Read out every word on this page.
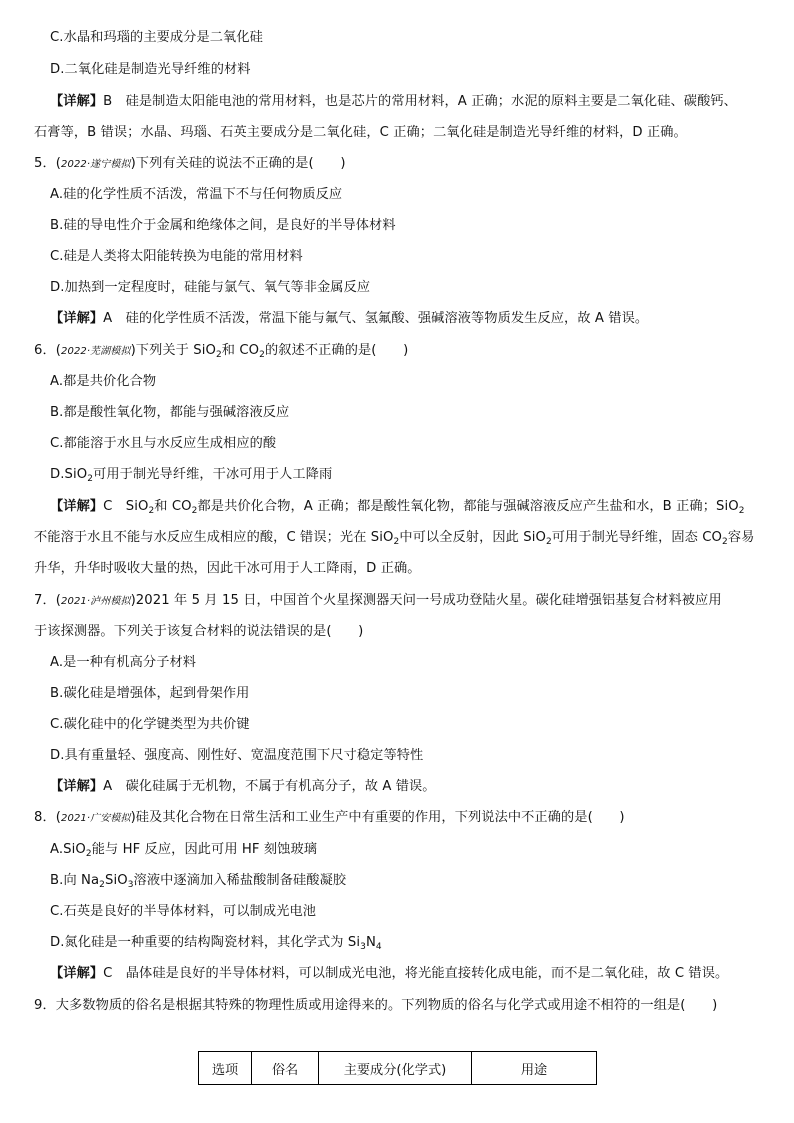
C.水晶和玛瑙的主要成分是二氧化硅
D.二氧化硅是制造光导纤维的材料
【详解】B　硅是制造太阳能电池的常用材料，也是芯片的常用材料，A 正确；水泥的原料主要是二氧化硅、碳酸钙、
石膏等，B 错误；水晶、玛瑙、石英主要成分是二氧化硅，C 正确；二氧化硅是制造光导纤维的材料，D 正确。
5．(2022·遂宁模拟)下列有关硅的说法不正确的是(　　)
A.硅的化学性质不活泼，常温下不与任何物质反应
B.硅的导电性介于金属和绝缘体之间，是良好的半导体材料
C.硅是人类将太阳能转换为电能的常用材料
D.加热到一定程度时，硅能与氯气、氧气等非金属反应
【详解】A　硅的化学性质不活泼，常温下能与氟气、氢氟酸、强碱溶液等物质发生反应，故 A 错误。
6．(2022·芜湖模拟)下列关于 SiO$_2$和 $CO_2$的叙述不正确的是(　　)
A.都是共价化合物
B.都是酸性氧化物，都能与强碱溶液反应
C.都能溶于水且与水反应生成相应的酸
D.SiO$_2$可用于制光导纤维，干冰可用于人工降雨
【详解】C　SiO$_2$和 $CO_2$都是共价化合物，A 正确；都是酸性氧化物，都能与强碱溶液反应产生盐和水，B 正确；SiO$_2$
不能溶于水且不能与水反应生成相应的酸，C 错误；光在 SiO$_2$中可以全反射，因此 SiO$_2$可用于制光导纤维，固态 $CO_2$容易
升华，升华时吸收大量的热，因此干冰可用于人工降雨，D 正确。
7．(2021·泸州模拟)2021 年 5 月 15 日，中国首个火星探测器天问一号成功登陆火星。碳化硅增强铝基复合材料被应用
于该探测器。下列关于该复合材料的说法错误的是(　　)
A.是一种有机高分子材料
B.碳化硅是增强体，起到骨架作用
C.碳化硅中的化学键类型为共价键
D.具有重量轻、强度高、刚性好、宽温度范围下尺寸稳定等特性
【详解】A　碳化硅属于无机物，不属于有机高分子，故 A 错误。
8．(2021·广安模拟)硅及其化合物在日常生活和工业生产中有重要的作用，下列说法中不正确的是(　　)
A.SiO$_2$能与 HF 反应，因此可用 HF 刻蚀玻璃
B.向 $Na_2SiO_3$溶液中逐滴加入稀盐酸制备硅酸凝胶
C.石英是良好的半导体材料，可以制成光电池
D.氮化硅是一种重要的结构陶瓷材料，其化学式为 $Si_3N_4$
【详解】C　晶体硅是良好的半导体材料，可以制成光电池，将光能直接转化成电能，而不是二氧化硅，故 C 错误。
9．大多数物质的俗名是根据其特殊的物理性质或用途得来的。下列物质的俗名与化学式或用途不相符的一组是(　　)
选项	俗名	主要成分(化学式)	用途
